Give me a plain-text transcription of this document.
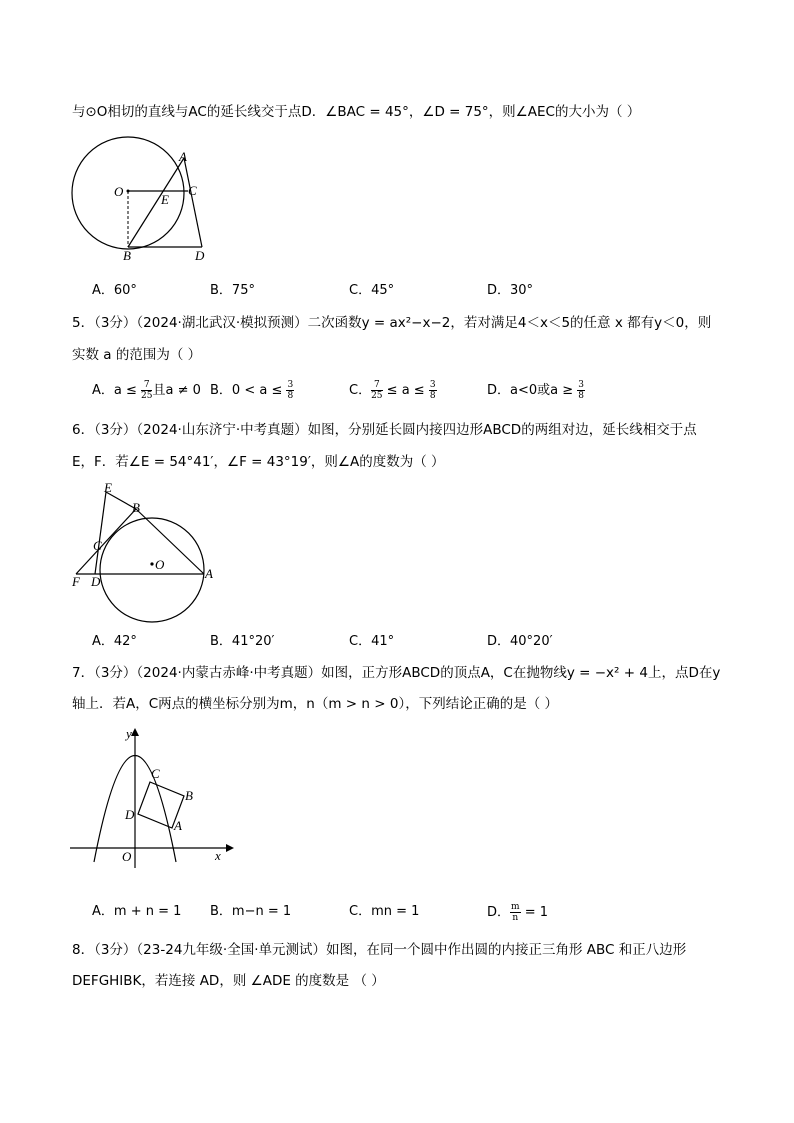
与⊙O相切的直线与AC的延长线交于点D．∠BAC = 45°，∠D = 75°，则∠AEC的大小为（ ）
A
O	C
E
B	D
A．60°	B．75°	C．45°	D．30°
5．（3分）（2024·湖北武汉·模拟预测）二次函数y = ax²−x−2，若对满足4＜x＜5的任意 x 都有y＜0，则
实数 a 的范围为（ ）
A．$a \le \frac{7}{25}$ 且a ≠ 0 B．$0 < a \le \frac{3}{8}$	C． $\frac{7}{25} \le a \le \frac{3}{8}$	D．a<0或$a \ge \frac{3}{8}$
6．（3分）（2024·山东济宁·中考真题）如图，分别延长圆内接四边形ABCD的两组对边，延长线相交于点
E，F．若∠E = 54°41′，∠F = 43°19′，则∠A的度数为（ ）
E
B
C
O
F D
A
A．42°	B．41°20′	C．41°	D．40°20′
7．（3分）（2024·内蒙古赤峰·中考真题）如图，正方形ABCD的顶点A，C在抛物线y = −x² + 4上，点D在y
轴上．若A，C两点的横坐标分别为m，n（m > n > 0），下列结论正确的是（ ）
y
x
O
C
B
D
A
A．m + n = 1 B．m−n = 1	C．mn = 1	D． $\frac{m}{n} = 1$
8．（3分）（23-24九年级·全国·单元测试）如图，在同一个圆中作出圆的内接正三角形 ABC 和正八边形
DEFGHIBK，若连接 AD，则 ∠ADE 的度数是 （ ）
